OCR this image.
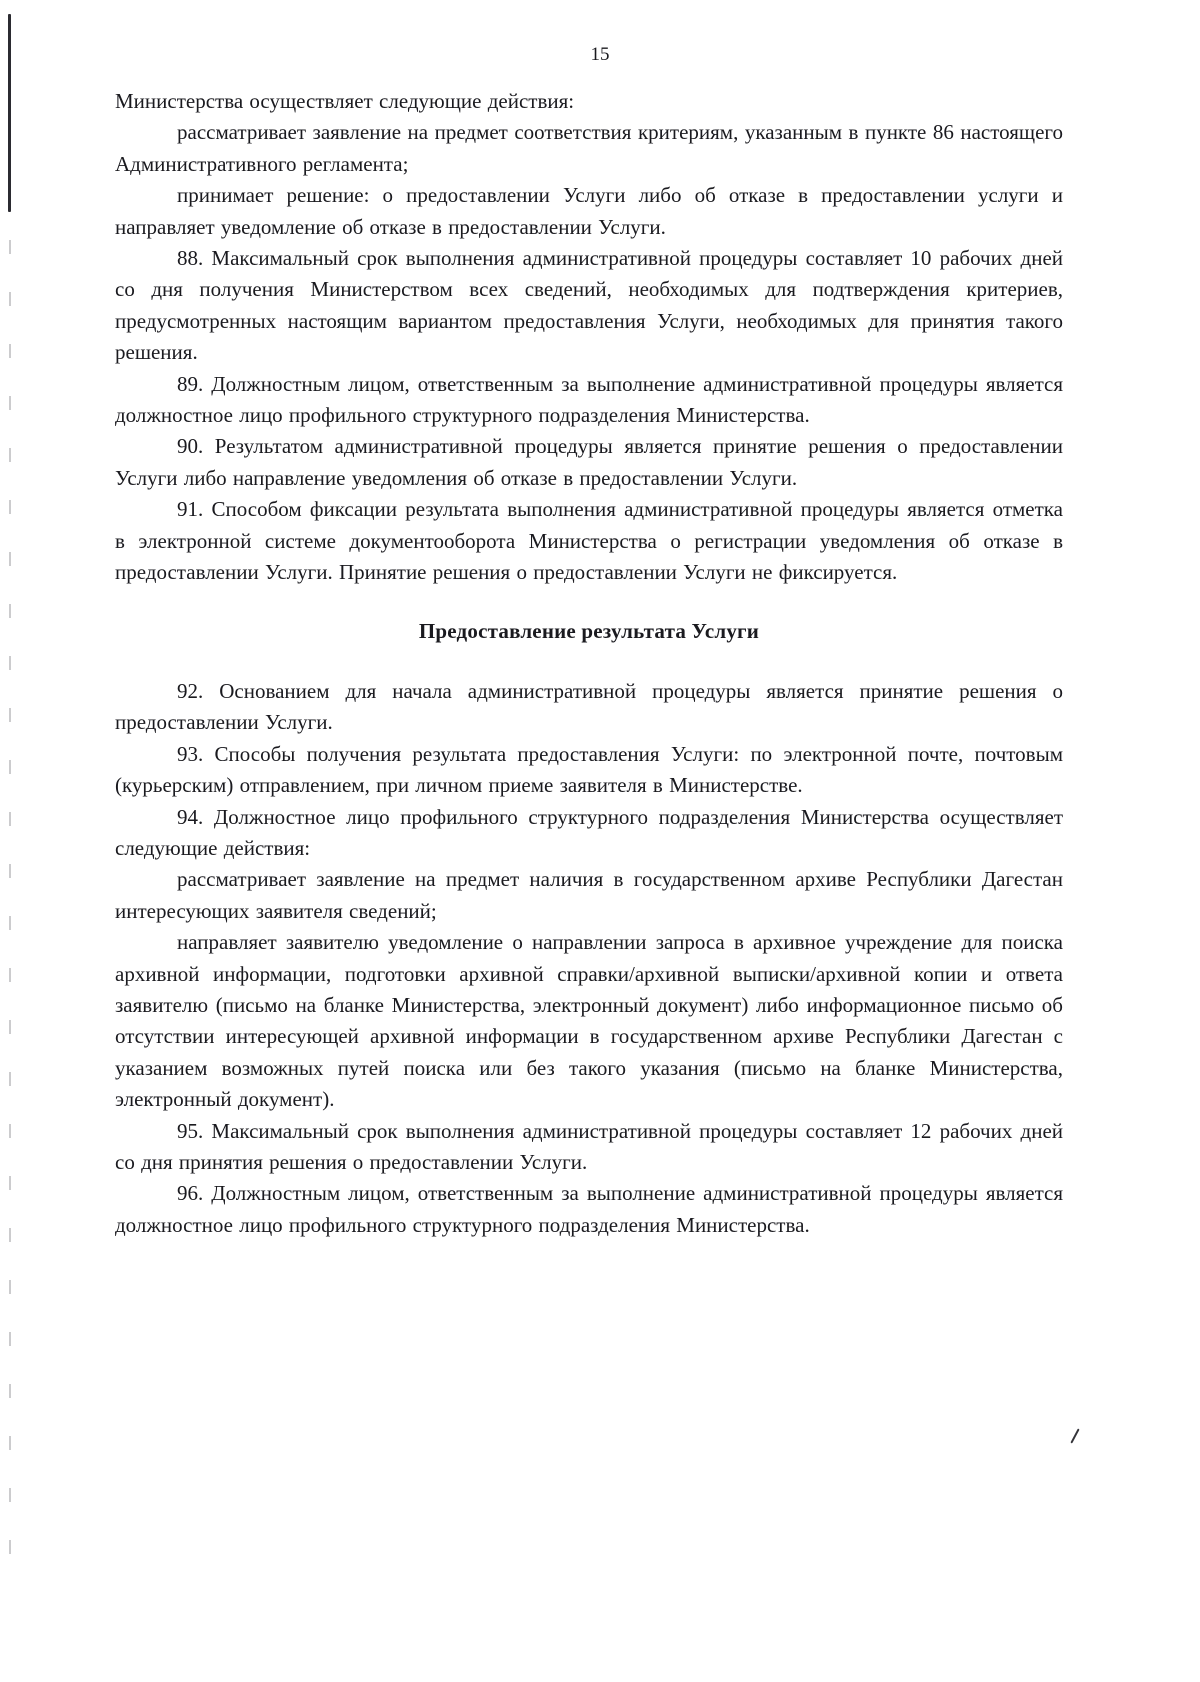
15

Министерства осуществляет следующие действия:

рассматривает заявление на предмет соответствия критериям, указанным в пункте 86 настоящего Административного регламента;

принимает решение: о предоставлении Услуги либо об отказе в предоставлении услуги и направляет уведомление об отказе в предоставлении Услуги.

88. Максимальный срок выполнения административной процедуры составляет 10 рабочих дней со дня получения Министерством всех сведений, необходимых для подтверждения критериев, предусмотренных настоящим вариантом предоставления Услуги, необходимых для принятия такого решения.

89. Должностным лицом, ответственным за выполнение административной процедуры является должностное лицо профильного структурного подразделения Министерства.

90. Результатом административной процедуры является принятие решения о предоставлении Услуги либо направление уведомления об отказе в предоставлении Услуги.

91. Способом фиксации результата выполнения административной процедуры является отметка в электронной системе документооборота Министерства о регистрации уведомления об отказе в предоставлении Услуги. Принятие решения о предоставлении Услуги не фиксируется.

Предоставление результата Услуги

92. Основанием для начала административной процедуры является принятие решения о предоставлении Услуги.

93. Способы получения результата предоставления Услуги: по электронной почте, почтовым (курьерским) отправлением, при личном приеме заявителя в Министерстве.

94. Должностное лицо профильного структурного подразделения Министерства осуществляет следующие действия:

рассматривает заявление на предмет наличия в государственном архиве Республики Дагестан интересующих заявителя сведений;

направляет заявителю уведомление о направлении запроса в архивное учреждение для поиска архивной информации, подготовки архивной справки/архивной выписки/архивной копии и ответа заявителю (письмо на бланке Министерства, электронный документ) либо информационное письмо об отсутствии интересующей архивной информации в государственном архиве Республики Дагестан с указанием возможных путей поиска или без такого указания (письмо на бланке Министерства, электронный документ).

95. Максимальный срок выполнения административной процедуры составляет 12 рабочих дней со дня принятия решения о предоставлении Услуги.

96. Должностным лицом, ответственным за выполнение административной процедуры является должностное лицо профильного структурного подразделения Министерства.
